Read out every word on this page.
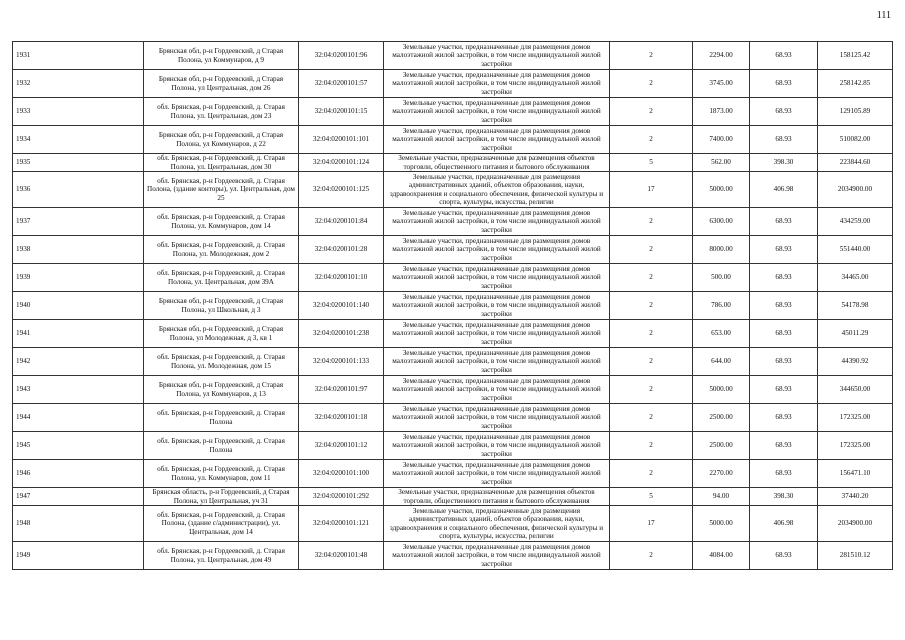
111
1931	Брянская обл, р-н Гордеевский, д Старая Полона, ул Коммунаров, д 9	32:04:0200101:96	Земельные участки, предназначенные для размещения домов малоэтажной жилой застройки, в том числе индивидуальной жилой застройки	2	2294.00	68.93	158125.42
1932	Брянская обл, р-н Гордеевский, д Старая Полона, ул Центральная, дом 26	32:04:0200101:57	Земельные участки, предназначенные для размещения домов малоэтажной жилой застройки, в том числе индивидуальной жилой застройки	2	3745.00	68.93	258142.85
1933	обл. Брянская, р-н Гордеевский, д. Старая Полона, ул. Центральная, дом 23	32:04:0200101:15	Земельные участки, предназначенные для размещения домов малоэтажной жилой застройки, в том числе индивидуальной жилой застройки	2	1873.00	68.93	129105.89
1934	Брянская обл, р-н Гордеевский, д Старая Полона, ул Коммунаров, д 22	32:04:0200101:101	Земельные участки, предназначенные для размещения домов малоэтажной жилой застройки, в том числе индивидуальной жилой застройки	2	7400.00	68.93	510082.00
1935	обл. Брянская, р-н Гордеевский, д. Старая Полона, ул. Центральная, дом 30	32:04:0200101:124	Земельные участки, предназначенные для размещения объектов торговли, общественного питания и бытового обслуживания	5	562.00	398.30	223844.60
1936	обл. Брянская, р-н Гордеевский, д. Старая Полона, (здание конторы), ул. Центральная, дом 25	32:04:0200101:125	Земельные участки, предназначенные для размещения административных зданий, объектов образования, науки, здравоохранения и социального обеспечения, физической культуры и спорта, культуры, искусства, религии	17	5000.00	406.98	2034900.00
1937	обл. Брянская, р-н Гордеевский, д. Старая Полона, ул. Коммунаров, дом 14	32:04:0200101:84	Земельные участки, предназначенные для размещения домов малоэтажной жилой застройки, в том числе индивидуальной жилой застройки	2	6300.00	68.93	434259.00
1938	обл. Брянская, р-н Гордеевский, д. Старая Полона, ул. Молодежная, дом 2	32:04:0200101:28	Земельные участки, предназначенные для размещения домов малоэтажной жилой застройки, в том числе индивидуальной жилой застройки	2	8000.00	68.93	551440.00
1939	обл. Брянская, р-н Гордеевский, д. Старая Полона, ул. Центральная, дом 39А	32:04:0200101:10	Земельные участки, предназначенные для размещения домов малоэтажной жилой застройки, в том числе индивидуальной жилой застройки	2	500.00	68.93	34465.00
1940	Брянская обл, р-н Гордеевский, д Старая Полона, ул Школьная, д 3	32:04:0200101:140	Земельные участки, предназначенные для размещения домов малоэтажной жилой застройки, в том числе индивидуальной жилой застройки	2	786.00	68.93	54178.98
1941	Брянская обл, р-н Гордеевский, д Старая Полона, ул Молодежная, д 3, кв 1	32:04:0200101:238	Земельные участки, предназначенные для размещения домов малоэтажной жилой застройки, в том числе индивидуальной жилой застройки	2	653.00	68.93	45011.29
1942	обл. Брянская, р-н Гордеевский, д. Старая Полона, ул. Молодежная, дом 15	32:04:0200101:133	Земельные участки, предназначенные для размещения домов малоэтажной жилой застройки, в том числе индивидуальной жилой застройки	2	644.00	68.93	44390.92
1943	Брянская обл, р-н Гордеевский, д Старая Полона, ул Коммунаров, д 13	32:04:0200101:97	Земельные участки, предназначенные для размещения домов малоэтажной жилой застройки, в том числе индивидуальной жилой застройки	2	5000.00	68.93	344650.00
1944	обл. Брянская, р-н Гордеевский, д. Старая Полона	32:04:0200101:18	Земельные участки, предназначенные для размещения домов малоэтажной жилой застройки, в том числе индивидуальной жилой застройки	2	2500.00	68.93	172325.00
1945	обл. Брянская, р-н Гордеевский, д. Старая Полона	32:04:0200101:12	Земельные участки, предназначенные для размещения домов малоэтажной жилой застройки, в том числе индивидуальной жилой застройки	2	2500.00	68.93	172325.00
1946	обл. Брянская, р-н Гордеевский, д. Старая Полона, ул. Коммунаров, дом 11	32:04:0200101:100	Земельные участки, предназначенные для размещения домов малоэтажной жилой застройки, в том числе индивидуальной жилой застройки	2	2270.00	68.93	156471.10
1947	Брянская область, р-н Гордеевский, д Старая Полона, ул Центральная, уч 31	32:04:0200101:292	Земельные участки, предназначенные для размещения объектов торговли, общественного питания и бытового обслуживания	5	94.00	398.30	37440.20
1948	обл. Брянская, р-н Гордеевский, д. Старая Полона, (здание с/администрации), ул. Центральная, дом 14	32:04:0200101:121	Земельные участки, предназначенные для размещения административных зданий, объектов образования, науки, здравоохранения и социального обеспечения, физической культуры и спорта, культуры, искусства, религии	17	5000.00	406.98	2034900.00
1949	обл. Брянская, р-н Гордеевский, д. Старая Полона, ул. Центральная, дом 49	32:04:0200101:48	Земельные участки, предназначенные для размещения домов малоэтажной жилой застройки, в том числе индивидуальной жилой застройки	2	4084.00	68.93	281510.12
